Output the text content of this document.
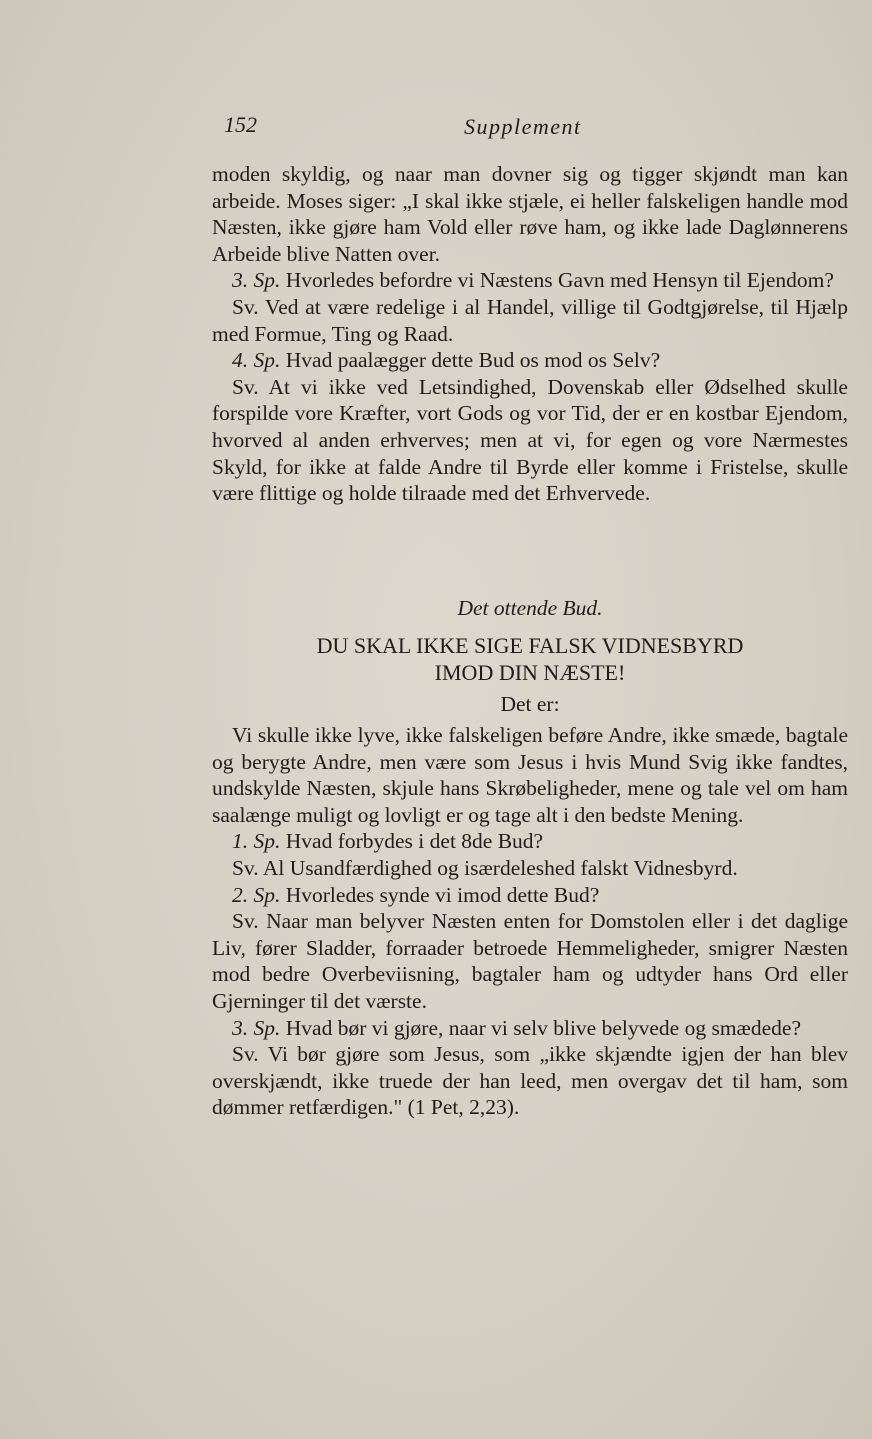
152	Supplement

moden skyldig, og naar man dovner sig og tigger skjøndt man kan arbeide. Moses siger: „I skal ikke stjæle, ei heller falskeligen handle mod Næsten, ikke gjøre ham Vold eller røve ham, og ikke lade Daglønnerens Arbeide blive Natten over.

3. Sp. Hvorledes befordre vi Næstens Gavn med Hensyn til Ejendom?

Sv. Ved at være redelige i al Handel, villige til Godtgjørelse, til Hjælp med Formue, Ting og Raad.

4. Sp. Hvad paalægger dette Bud os mod os Selv?

Sv. At vi ikke ved Letsindighed, Dovenskab eller Ødselhed skulle forspilde vore Kræfter, vort Gods og vor Tid, der er en kostbar Ejendom, hvorved al anden erhverves; men at vi, for egen og vore Nærmestes Skyld, for ikke at falde Andre til Byrde eller komme i Fristelse, skulle være flittige og holde tilraade med det Erhvervede.

Det ottende Bud.
DU SKAL IKKE SIGE FALSK VIDNESBYRD
IMOD DIN NÆSTE!
Det er:

Vi skulle ikke lyve, ikke falskeligen beføre Andre, ikke smæde, bagtale og berygte Andre, men være som Jesus i hvis Mund Svig ikke fandtes, undskylde Næsten, skjule hans Skrøbeligheder, mene og tale vel om ham saalænge muligt og lovligt er og tage alt i den bedste Mening.

1. Sp. Hvad forbydes i det 8de Bud?

Sv. Al Usandfærdighed og isærdeleshed falskt Vidnesbyrd.

2. Sp. Hvorledes synde vi imod dette Bud?

Sv. Naar man belyver Næsten enten for Domstolen eller i det daglige Liv, fører Sladder, forraader betroede Hemmeligheder, smigrer Næsten mod bedre Overbeviisning, bagtaler ham og udtyder hans Ord eller Gjerninger til det værste.

3. Sp. Hvad bør vi gjøre, naar vi selv blive belyvede og smædede?

Sv. Vi bør gjøre som Jesus, som „ikke skjændte igjen der han blev overskjændt, ikke truede der han leed, men overgav det til ham, som dømmer retfærdigen." (1 Pet, 2,23).
